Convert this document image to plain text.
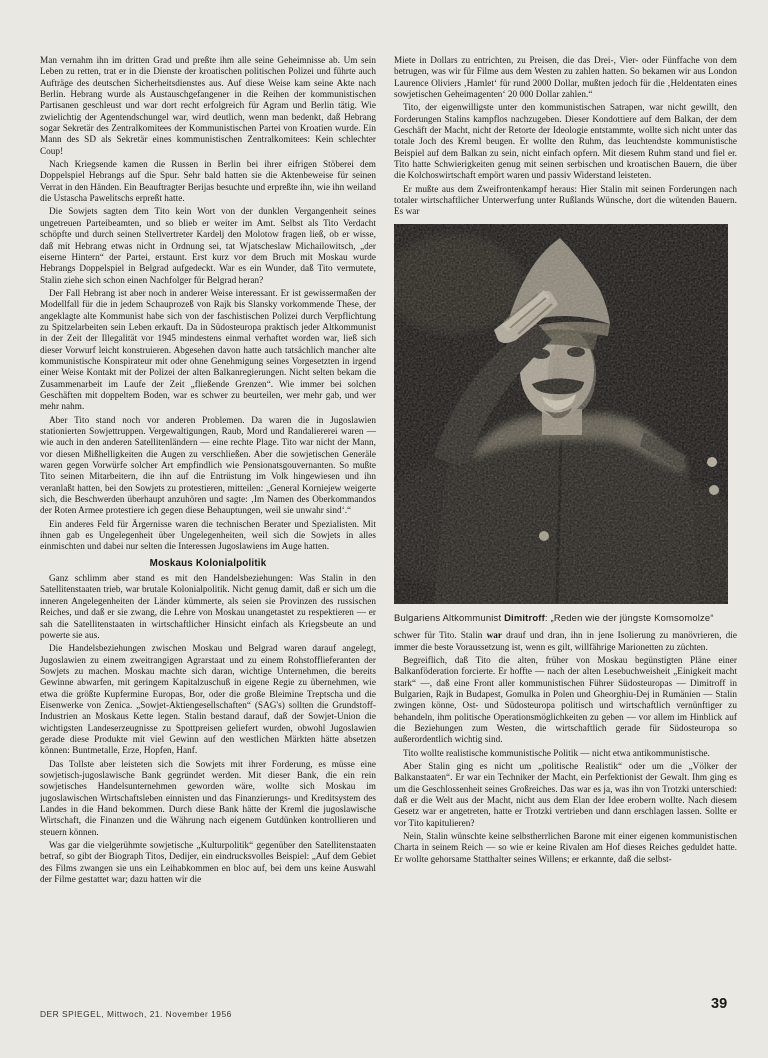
Man vernahm ihn im dritten Grad und preßte ihm alle seine Geheimnisse ab. Um sein Leben zu retten, trat er in die Dienste der kroatischen politischen Polizei und führte auch Aufträge des deutschen Sicherheitsdienstes aus. Auf diese Weise kam seine Akte nach Berlin. Hebrang wurde als Austauschgefangener in die Reihen der kommunistischen Partisanen geschleust und war dort recht erfolgreich für Agram und Berlin tätig. Wie zwielichtig der Agentendschungel war, wird deutlich, wenn man bedenkt, daß Hebrang sogar Sekretär des Zentralkomitees der Kommunistischen Partei von Kroatien wurde. Ein Mann des SD als Sekretär eines kommunistischen Zentralkomitees: Kein schlechter Coup!

Nach Kriegsende kamen die Russen in Berlin bei ihrer eifrigen Stöberei dem Doppelspiel Hebrangs auf die Spur. Sehr bald hatten sie die Aktenbeweise für seinen Verrat in den Händen. Ein Beauftragter Berijas besuchte und erpreßte ihn, wie ihn weiland die Ustascha Pawelitschs erpreßt hatte.

Die Sowjets sagten dem Tito kein Wort von der dunklen Vergangenheit seines ungetreuen Parteibeamten, und so blieb er weiter im Amt. Selbst als Tito Verdacht schöpfte und durch seinen Stellvertreter Kardelj den Molotow fragen ließ, ob er wisse, daß mit Hebrang etwas nicht in Ordnung sei, tat Wjatscheslaw Michailowitsch, „der eiserne Hintern“ der Partei, erstaunt. Erst kurz vor dem Bruch mit Moskau wurde Hebrangs Doppelspiel in Belgrad aufgedeckt. War es ein Wunder, daß Tito vermutete, Stalin ziehe sich schon einen Nachfolger für Belgrad heran?

Der Fall Hebrang ist aber noch in anderer Weise interessant. Er ist gewissermaßen der Modellfall für die in jedem Schauprozeß von Rajk bis Slansky vorkommende These, der angeklagte alte Kommunist habe sich von der faschistischen Polizei durch Verpflichtung zu Spitzelarbeiten sein Leben erkauft. Da in Südosteuropa praktisch jeder Altkommunist in der Zeit der Illegalität vor 1945 mindestens einmal verhaftet worden war, ließ sich dieser Vorwurf leicht konstruieren. Abgesehen davon hatte auch tatsächlich mancher alte kommunistische Konspirateur mit oder ohne Genehmigung seines Vorgesetzten in irgend einer Weise Kontakt mit der Polizei der alten Balkanregierungen. Nicht selten bekam die Zusammenarbeit im Laufe der Zeit „fließende Grenzen“. Wie immer bei solchen Geschäften mit doppeltem Boden, war es schwer zu beurteilen, wer mehr gab, und wer mehr nahm.

Aber Tito stand noch vor anderen Problemen. Da waren die in Jugoslawien stationierten Sowjettruppen. Vergewaltigungen, Raub, Mord und Randaliererei waren — wie auch in den anderen Satellitenländern — eine rechte Plage. Tito war nicht der Mann, vor diesen Mißhelligkeiten die Augen zu verschließen. Aber die sowjetischen Generäle waren gegen Vorwürfe solcher Art empfindlich wie Pensionatsgouvernanten. So mußte Tito seinen Mitarbeitern, die ihn auf die Entrüstung im Volk hingewiesen und ihn veranlaßt hatten, bei den Sowjets zu protestieren, mitteilen: „General Korniejew weigerte sich, die Beschwerden überhaupt anzuhören und sagte: ‚Im Namen des Oberkommandos der Roten Armee protestiere ich gegen diese Behauptungen, weil sie unwahr sind‘.“

Ein anderes Feld für Ärgernisse waren die technischen Berater und Spezialisten. Mit ihnen gab es Ungelegenheit über Ungelegenheiten, weil sich die Sowjets in alles einmischten und dabei nur selten die Interessen Jugoslawiens im Auge hatten.

Moskaus Kolonialpolitik

Ganz schlimm aber stand es mit den Handelsbeziehungen: Was Stalin in den Satellitenstaaten trieb, war brutale Kolonialpolitik. Nicht genug damit, daß er sich um die inneren Angelegenheiten der Länder kümmerte, als seien sie Provinzen des russischen Reiches, und daß er sie zwang, die Lehre von Moskau unangetastet zu respektieren — er sah die Satellitenstaaten in wirtschaftlicher Hinsicht einfach als Kriegsbeute an und powerte sie aus.

Die Handelsbeziehungen zwischen Moskau und Belgrad waren darauf angelegt, Jugoslawien zu einem zweitrangigen Agrarstaat und zu einem Rohstofflieferanten der Sowjets zu machen. Moskau machte sich daran, wichtige Unternehmen, die bereits Gewinne abwarfen, mit geringem Kapitalzuschuß in eigene Regie zu übernehmen, wie etwa die größte Kupfermine Europas, Bor, oder die große Bleimine Treptscha und die Eisenwerke von Zenica. „Sowjet-Aktiengesellschaften“ (SAG's) sollten die Grundstoff-Industrien an Moskaus Kette legen. Stalin bestand darauf, daß der Sowjet-Union die wichtigsten Landeserzeugnisse zu Spottpreisen geliefert wurden, obwohl Jugoslawien gerade diese Produkte mit viel Gewinn auf den westlichen Märkten hätte absetzen können: Buntmetalle, Erze, Hopfen, Hanf.

Das Tollste aber leisteten sich die Sowjets mit ihrer Forderung, es müsse eine sowjetisch-jugoslawische Bank gegründet werden. Mit dieser Bank, die ein rein sowjetisches Handelsunternehmen geworden wäre, wollte sich Moskau im jugoslawischen Wirtschaftsleben einnisten und das Finanzierungs- und Kreditsystem des Landes in die Hand bekommen. Durch diese Bank hätte der Kreml die jugoslawische Wirtschaft, die Finanzen und die Währung nach eigenem Gutdünken kontrollieren und steuern können.

Was gar die vielgerühmte sowjetische „Kulturpolitik“ gegenüber den Satellitenstaaten betraf, so gibt der Biograph Titos, Dedijer, ein eindrucksvolles Beispiel: „Auf dem Gebiet des Films zwangen sie uns ein Leihabkommen en bloc auf, bei dem uns keine Auswahl der Filme gestattet war; dazu hatten wir die

Miete in Dollars zu entrichten, zu Preisen, die das Drei-, Vier- oder Fünffache von dem betrugen, was wir für Filme aus dem Westen zu zahlen hatten. So bekamen wir aus London Laurence Oliviers ‚Hamlet‘ für rund 2000 Dollar, mußten jedoch für die ‚Heldentaten eines sowjetischen Geheimagenten‘ 20 000 Dollar zahlen.“

Tito, der eigenwilligste unter den kommunistischen Satrapen, war nicht gewillt, den Forderungen Stalins kampflos nachzugeben. Dieser Kondottiere auf dem Balkan, der dem Geschäft der Macht, nicht der Retorte der Ideologie entstammte, wollte sich nicht unter das totale Joch des Kreml beugen. Er wollte den Ruhm, das leuchtendste kommunistische Beispiel auf dem Balkan zu sein, nicht einfach opfern. Mit diesem Ruhm stand und fiel er. Tito hatte Schwierigkeiten genug mit seinen serbischen und kroatischen Bauern, die über die Kolchoswirtschaft empört waren und passiv Widerstand leisteten.

Er mußte aus dem Zweifrontenkampf heraus: Hier Stalin mit seinen Forderungen nach totaler wirtschaftlicher Unterwerfung unter Rußlands Wünsche, dort die wütenden Bauern. Es war

Bulgariens Altkommunist Dimitroff: „Reden wie der jüngste Komsomolze“

schwer für Tito. Stalin war drauf und dran, ihn in jene Isolierung zu manövrieren, die immer die beste Voraussetzung ist, wenn es gilt, willfährige Marionetten zu züchten.

Begreiflich, daß Tito die alten, früher von Moskau begünstigten Pläne einer Balkanföderation forcierte. Er hoffte — nach der alten Lesebuchweisheit „Einigkeit macht stark“ —, daß eine Front aller kommunistischen Führer Südosteuropas — Dimitroff in Bulgarien, Rajk in Budapest, Gomulka in Polen und Gheorghiu-Dej in Rumänien — Stalin zwingen könne, Ost- und Südosteuropa politisch und wirtschaftlich vernünftiger zu behandeln, ihm politische Operationsmöglichkeiten zu geben — vor allem im Hinblick auf die Beziehungen zum Westen, die wirtschaftlich gerade für Südosteuropa so außerordentlich wichtig sind.

Tito wollte realistische kommunistische Politik — nicht etwa antikommunistische.

Aber Stalin ging es nicht um „politische Realistik“ oder um die „Völker der Balkanstaaten“. Er war ein Techniker der Macht, ein Perfektionist der Gewalt. Ihm ging es um die Geschlossenheit seines Großreiches. Das war es ja, was ihn von Trotzki unterschied: daß er die Welt aus der Macht, nicht aus dem Elan der Idee erobern wollte. Nach diesem Gesetz war er angetreten, hatte er Trotzki vertrieben und dann erschlagen lassen. Sollte er vor Tito kapitulieren?

Nein, Stalin wünschte keine selbstherrlichen Barone mit einer eigenen kommunistischen Charta in seinem Reich — so wie er keine Rivalen am Hof dieses Reiches geduldet hatte. Er wollte gehorsame Statthalter seines Willens; er erkannte, daß die selbst-

DER SPIEGEL, Mittwoch, 21. November 1956
39
